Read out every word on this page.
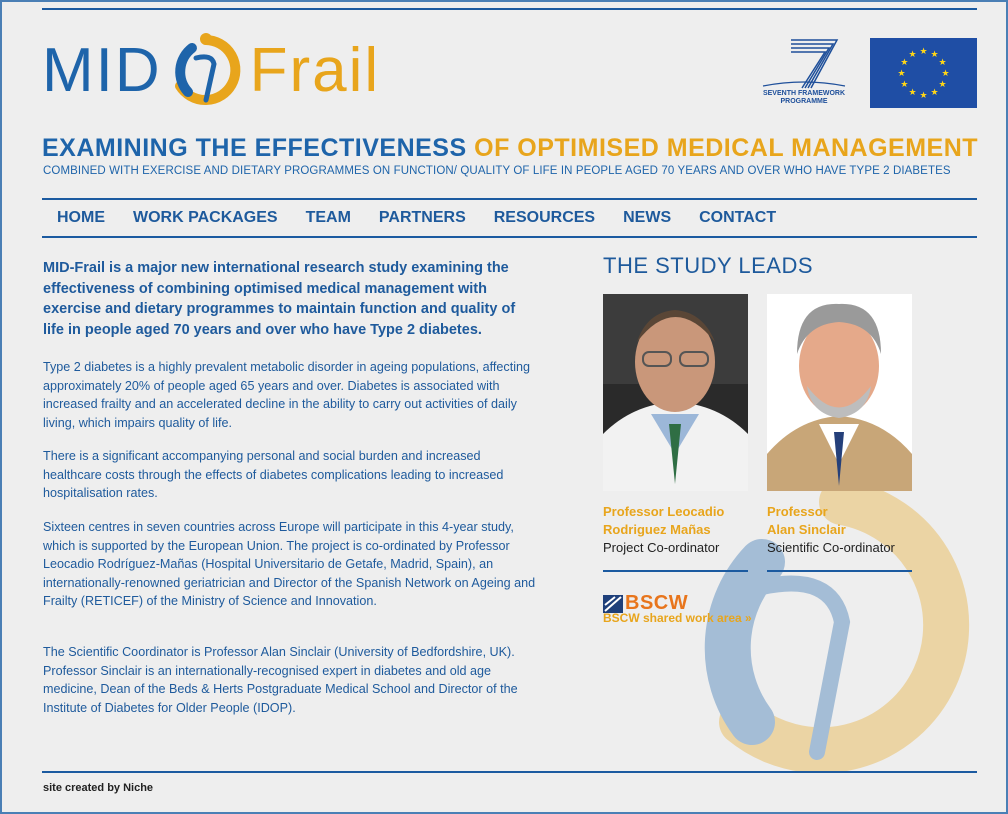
MID Frail	SEVENTH FRAMEWORK
PROGRAMME
★ ★
★
★
★
★
★
★
★
★
★
★
EXAMINING THE EFFECTIVENESS OF OPTIMISED MEDICAL MANAGEMENT
COMBINED WITH EXERCISE AND DIETARY PROGRAMMES ON FUNCTION/ QUALITY OF LIFE IN PEOPLE AGED 70 YEARS AND OVER WHO HAVE TYPE 2 DIABETES
HOME WORK PACKAGES TEAM PARTNERS RESOURCES NEWS CONTACT
MID-Frail is a major new international research study examining the effectiveness of combining optimised medical management with exercise and dietary programmes to maintain function and quality of life in people aged 70 years and over who have Type 2 diabetes.
Type 2 diabetes is a highly prevalent metabolic disorder in ageing populations, affecting approximately 20% of people aged 65 years and over. Diabetes is associated with increased frailty and an accelerated decline in the ability to carry out activities of daily living, which impairs quality of life.
There is a significant accompanying personal and social burden and increased healthcare costs through the effects of diabetes complications leading to increased hospitalisation rates.
Sixteen centres in seven countries across Europe will participate in this 4-year study, which is supported by the European Union. The project is co-ordinated by Professor Leocadio Rodríguez-Mañas (Hospital Universitario de Getafe, Madrid, Spain), an internationally-renowned geriatrician and Director of the Spanish Network on Ageing and Frailty (RETICEF) of the Ministry of Science and Innovation.
The Scientific Coordinator is Professor Alan Sinclair (University of Bedfordshire, UK). Professor Sinclair is an internationally-recognised expert in diabetes and old age medicine, Dean of the Beds & Herts Postgraduate Medical School and Director of the Institute of Diabetes for Older People (IDOP).
THE STUDY LEADS
Professor Leocadio
Rodriguez Mañas
Project Co-ordinator
Professor
Alan Sinclair
Scientific Co-ordinator
BSCW
BSCW shared work area »
site created by Niche
